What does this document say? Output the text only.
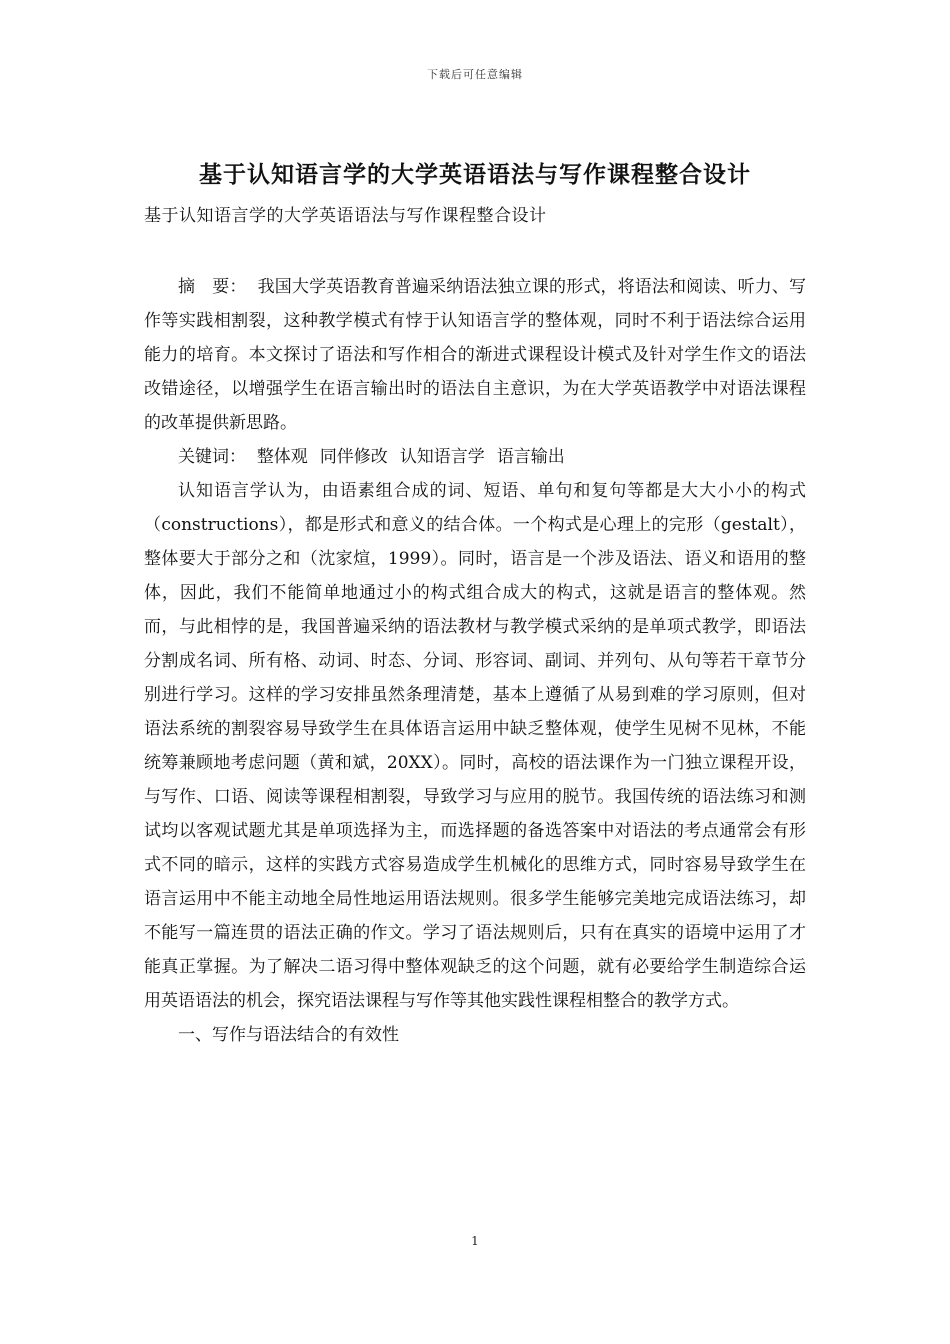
下载后可任意编辑
基于认知语言学的大学英语语法与写作课程整合设计
基于认知语言学的大学英语语法与写作课程整合设计

摘　要： 我国大学英语教育普遍采纳语法独立课的形式，将语法和阅读、听力、写作等实践相割裂，这种教学模式有悖于认知语言学的整体观，同时不利于语法综合运用能力的培育。本文探讨了语法和写作相合的渐进式课程设计模式及针对学生作文的语法改错途径，以增强学生在语言输出时的语法自主意识，为在大学英语教学中对语法课程的改革提供新思路。

关键词： 整体观 同伴修改 认知语言学 语言输出

认知语言学认为，由语素组合成的词、短语、单句和复句等都是大大小小的构式（constructions），都是形式和意义的结合体。一个构式是心理上的完形（gestalt），整体要大于部分之和（沈家煊，1999）。同时，语言是一个涉及语法、语义和语用的整体，因此，我们不能简单地通过小的构式组合成大的构式，这就是语言的整体观。然而，与此相悖的是，我国普遍采纳的语法教材与教学模式采纳的是单项式教学，即语法分割成名词、所有格、动词、时态、分词、形容词、副词、并列句、从句等若干章节分别进行学习。这样的学习安排虽然条理清楚，基本上遵循了从易到难的学习原则，但对语法系统的割裂容易导致学生在具体语言运用中缺乏整体观，使学生见树不见林，不能统筹兼顾地考虑问题（黄和斌，20XX）。同时，高校的语法课作为一门独立课程开设，与写作、口语、阅读等课程相割裂，导致学习与应用的脱节。我国传统的语法练习和测试均以客观试题尤其是单项选择为主，而选择题的备选答案中对语法的考点通常会有形式不同的暗示，这样的实践方式容易造成学生机械化的思维方式，同时容易导致学生在语言运用中不能主动地全局性地运用语法规则。很多学生能够完美地完成语法练习，却不能写一篇连贯的语法正确的作文。学习了语法规则后，只有在真实的语境中运用了才能真正掌握。为了解决二语习得中整体观缺乏的这个问题，就有必要给学生制造综合运用英语语法的机会，探究语法课程与写作等其他实践性课程相整合的教学方式。

一、写作与语法结合的有效性

1
